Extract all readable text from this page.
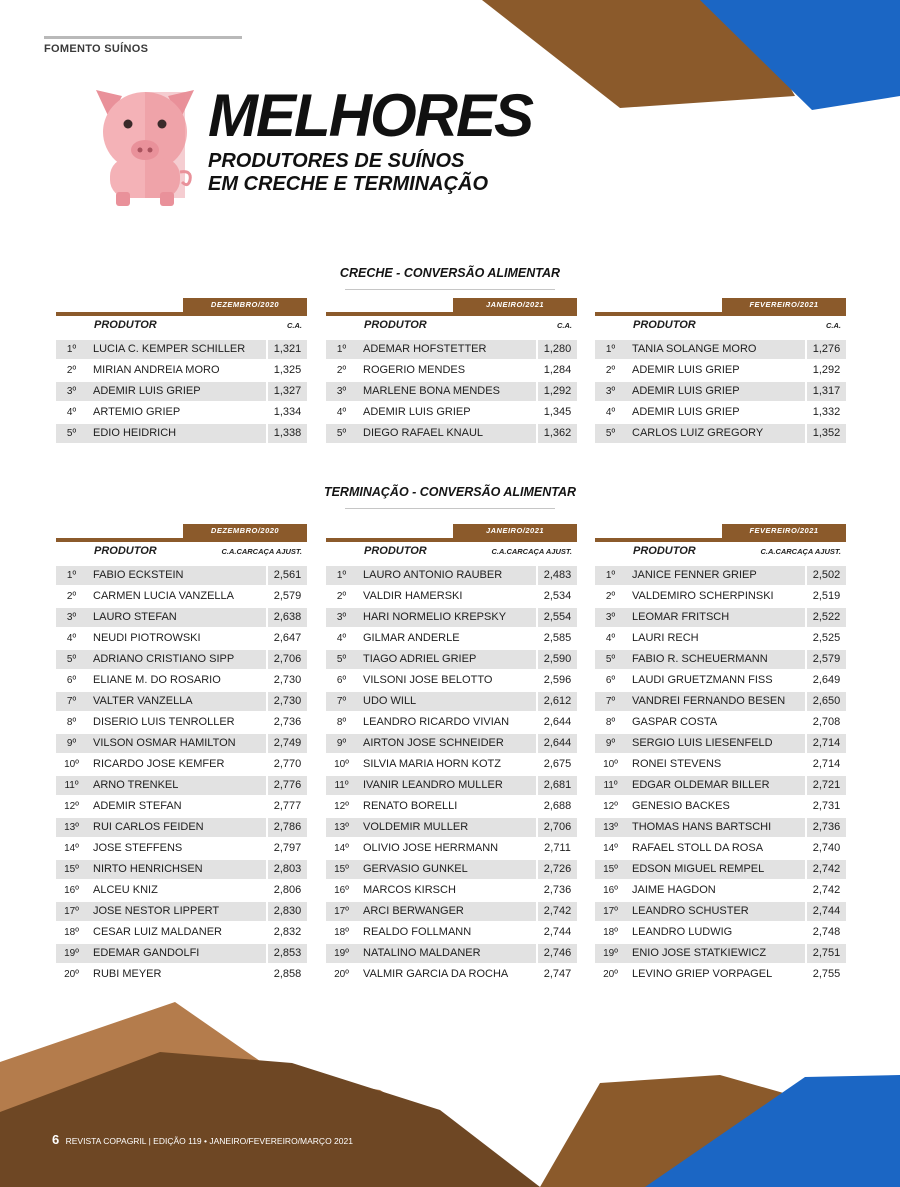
FOMENTO SUÍNOS
MELHORES
PRODUTORES DE SUÍNOS
EM CRECHE E TERMINAÇÃO
CRECHE - CONVERSÃO ALIMENTAR
DEZEMBRO/2020
PRODUTOR	C.A.
1º	LUCIA C. KEMPER SCHILLER	1,321
2º	MIRIAN ANDREIA MORO	1,325
3º	ADEMIR LUIS GRIEP	1,327
4º	ARTEMIO GRIEP	1,334
5º	EDIO HEIDRICH	1,338
JANEIRO/2021
PRODUTOR	C.A.
1º	ADEMAR HOFSTETTER	1,280
2º	ROGERIO MENDES	1,284
3º	MARLENE BONA MENDES	1,292
4º	ADEMIR LUIS GRIEP	1,345
5º	DIEGO RAFAEL KNAUL	1,362
FEVEREIRO/2021
PRODUTOR	C.A.
1º	TANIA SOLANGE MORO	1,276
2º	ADEMIR LUIS GRIEP	1,292
3º	ADEMIR LUIS GRIEP	1,317
4º	ADEMIR LUIS GRIEP	1,332
5º	CARLOS LUIZ GREGORY	1,352
TERMINAÇÃO - CONVERSÃO ALIMENTAR
DEZEMBRO/2020
PRODUTOR	C.A.CARCAÇA AJUST.
1º	FABIO ECKSTEIN	2,561
2º	CARMEN LUCIA VANZELLA	2,579
3º	LAURO STEFAN	2,638
4º	NEUDI PIOTROWSKI	2,647
5º	ADRIANO CRISTIANO SIPP	2,706
6º	ELIANE M. DO ROSARIO	2,730
7º	VALTER VANZELLA	2,730
8º	DISERIO LUIS TENROLLER	2,736
9º	VILSON OSMAR HAMILTON	2,749
10º	RICARDO JOSE KEMFER	2,770
11º	ARNO TRENKEL	2,776
12º	ADEMIR STEFAN	2,777
13º	RUI CARLOS FEIDEN	2,786
14º	JOSE STEFFENS	2,797
15º	NIRTO HENRICHSEN	2,803
16º	ALCEU KNIZ	2,806
17º	JOSE NESTOR LIPPERT	2,830
18º	CESAR LUIZ MALDANER	2,832
19º	EDEMAR GANDOLFI	2,853
20º	RUBI MEYER	2,858
JANEIRO/2021
PRODUTOR	C.A.CARCAÇA AJUST.
1º	LAURO ANTONIO RAUBER	2,483
2º	VALDIR HAMERSKI	2,534
3º	HARI NORMELIO KREPSKY	2,554
4º	GILMAR ANDERLE	2,585
5º	TIAGO ADRIEL GRIEP	2,590
6º	VILSONI JOSE BELOTTO	2,596
7º	UDO WILL	2,612
8º	LEANDRO RICARDO VIVIAN	2,644
9º	AIRTON JOSE SCHNEIDER	2,644
10º	SILVIA MARIA HORN KOTZ	2,675
11º	IVANIR LEANDRO MULLER	2,681
12º	RENATO BORELLI	2,688
13º	VOLDEMIR MULLER	2,706
14º	OLIVIO JOSE HERRMANN	2,711
15º	GERVASIO GUNKEL	2,726
16º	MARCOS KIRSCH	2,736
17º	ARCI BERWANGER	2,742
18º	REALDO FOLLMANN	2,744
19º	NATALINO MALDANER	2,746
20º	VALMIR GARCIA DA ROCHA	2,747
FEVEREIRO/2021
PRODUTOR	C.A.CARCAÇA AJUST.
1º	JANICE FENNER GRIEP	2,502
2º	VALDEMIRO SCHERPINSKI	2,519
3º	LEOMAR FRITSCH	2,522
4º	LAURI RECH	2,525
5º	FABIO R. SCHEUERMANN	2,579
6º	LAUDI GRUETZMANN FISS	2,649
7º	VANDREI FERNANDO BESEN	2,650
8º	GASPAR COSTA	2,708
9º	SERGIO LUIS LIESENFELD	2,714
10º	RONEI STEVENS	2,714
11º	EDGAR OLDEMAR BILLER	2,721
12º	GENESIO BACKES	2,731
13º	THOMAS HANS BARTSCHI	2,736
14º	RAFAEL STOLL DA ROSA	2,740
15º	EDSON MIGUEL REMPEL	2,742
16º	JAIME HAGDON	2,742
17º	LEANDRO SCHUSTER	2,744
18º	LEANDRO LUDWIG	2,748
19º	ENIO JOSE STATKIEWICZ	2,751
20º	LEVINO GRIEP VORPAGEL	2,755
6 REVISTA COPAGRIL | EDIÇÃO 119 • JANEIRO/FEVEREIRO/MARÇO 2021
